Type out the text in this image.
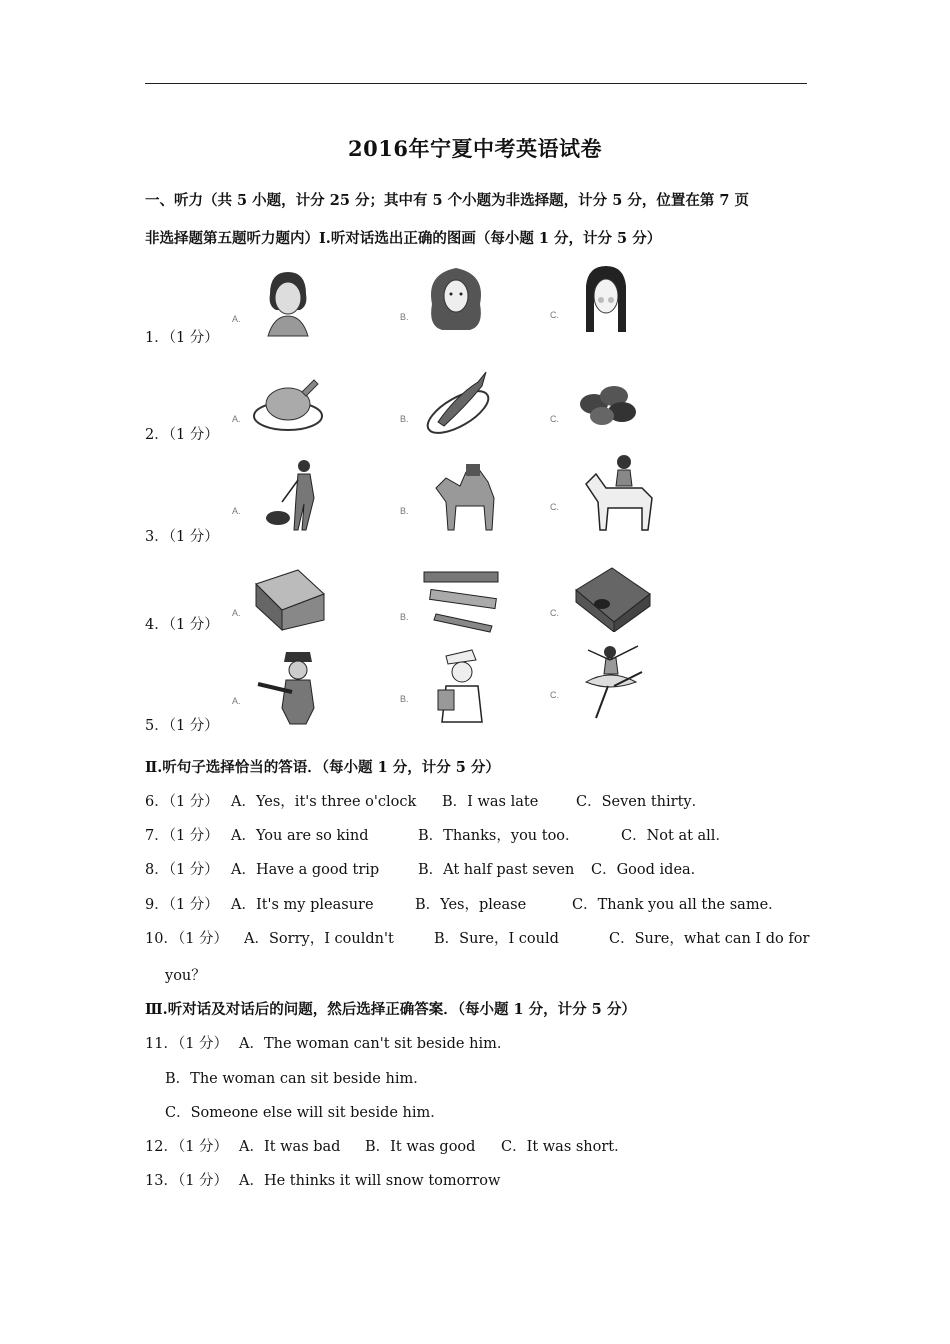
2016年宁夏中考英语试卷
一、听力（共 5 小题，计分 25 分；其中有 5 个小题为非选择题，计分 5 分，位置在第 7 页
非选择题第五题听力题内）Ⅰ.听对话选出正确的图画（每小题 1 分，计分 5 分）
1．（1 分）
A.	B.	C.
2．（1 分）
A.	B.	C.
3．（1 分）
A.	B.	C.
4．（1 分）
A.	B.	C.
5．（1 分）
A.	B.	C.
Ⅱ.听句子选择恰当的答语．（每小题 1 分，计分 5 分）
6．（1 分） A．Yes，it's three o'clock B．I was late	C．Seven thirty．
7．（1 分） A．You are so kind	B．Thanks，you too．	C．Not at all．
8．（1 分） A．Have a good trip	B．At half past seven C．Good idea．
9．（1 分） A．It's my pleasure	B．Yes，please	C．Thank you all the same．
10．（1 分） A．Sorry，I couldn't	B．Sure，I could	C．Sure，what can I do for
you？
Ⅲ.听对话及对话后的问题，然后选择正确答案．（每小题 1 分，计分 5 分）
11．（1 分） A．The woman can't sit beside him．
B．The woman can sit beside him．
C．Someone else will sit beside him．
12．（1 分） A．It was bad B．It was good C．It was short．
13．（1 分） A．He thinks it will snow tomorrow
